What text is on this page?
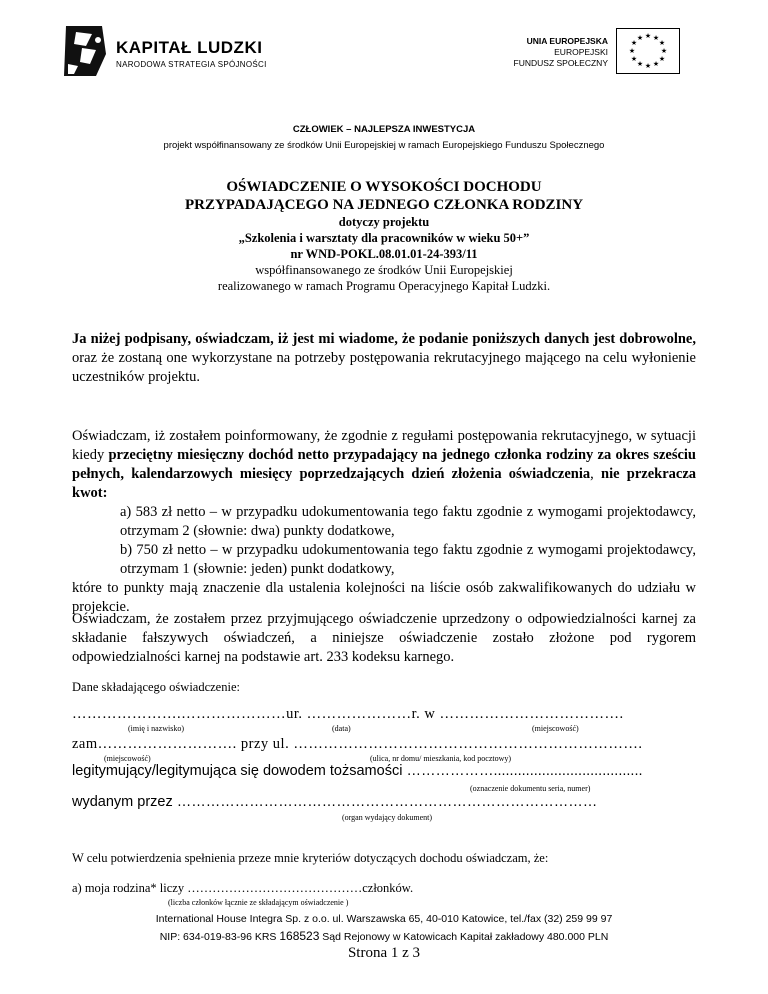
KAPITAŁ LUDZKI
NARODOWA STRATEGIA SPÓJNOŚCI
UNIA EUROPEJSKA
EUROPEJSKI
FUNDUSZ SPOŁECZNY
★ ★
★
★
★
★
★
★
★
★
★
★
CZŁOWIEK – NAJLEPSZA INWESTYCJA
projekt współfinansowany ze środków Unii Europejskiej w ramach Europejskiego Funduszu Społecznego
OŚWIADCZENIE O WYSOKOŚCI DOCHODU
PRZYPADAJĄCEGO NA JEDNEGO CZŁONKA RODZINY
dotyczy projektu
„Szkolenia i warsztaty dla pracowników w wieku 50+”
nr WND-POKL.08.01.01-24-393/11
współfinansowanego ze środków Unii Europejskiej
realizowanego w ramach Programu Operacyjnego Kapitał Ludzki.

Ja niżej podpisany, oświadczam, iż jest mi wiadome, że podanie poniższych danych jest dobrowolne, oraz że zostaną one wykorzystane na potrzeby postępowania rekrutacyjnego mającego na celu wyłonienie uczestników projektu.

Oświadczam, iż zostałem poinformowany, że zgodnie z regułami postępowania rekrutacyjnego, w sytuacji kiedy przeciętny miesięczny dochód netto przypadający na jednego członka rodziny za okres sześciu pełnych, kalendarzowych miesięcy poprzedzających dzień złożenia oświadczenia, nie przekracza kwot:

a) 583 zł netto – w przypadku udokumentowania tego faktu zgodnie z wymogami projektodawcy, otrzymam 2 (słownie: dwa) punkty dodatkowe,

b) 750 zł netto – w przypadku udokumentowania tego faktu zgodnie z wymogami projektodawcy, otrzymam 1 (słownie: jeden) punkt dodatkowy,

które to punkty mają znaczenie dla ustalenia kolejności na liście osób zakwalifikowanych do udziału w projekcie.

Oświadczam, że zostałem przez przyjmującego oświadczenie uprzedzony o odpowiedzialności karnej za składanie fałszywych oświadczeń, a niniejsze oświadczenie zostało złożone pod rygorem odpowiedzialności karnej na podstawie art. 233 kodeksu karnego.

Dane składającego oświadczenie:
………………….…………………ur. …………………r. w ……………………………….
(imię i nazwisko)	(data)	(miejscowość)
zam………………………. przy ul. …………………………………………………………….
(miejscowość)	(ulica, nr domu/ mieszkania, kod pocztowy)
legitymujący/legitymująca się dowodem tożsamości ……………….....................................
(oznaczenie dokumentu seria, numer)
wydanym przez ……………………………………………………………………………
(organ wydający dokument)
W celu potwierdzenia spełnienia przeze mnie kryteriów dotyczących dochodu oświadczam, że:
a) moja rodzina* liczy ……………………………………członków.
(liczba członków łącznie ze składającym oświadczenie )
International House Integra Sp. z o.o. ul. Warszawska 65, 40-010 Katowice, tel./fax (32) 259 99 97
NIP: 634-019-83-96 KRS 168523 Sąd Rejonowy w Katowicach Kapitał zakładowy 480.000 PLN
Strona 1 z 3
